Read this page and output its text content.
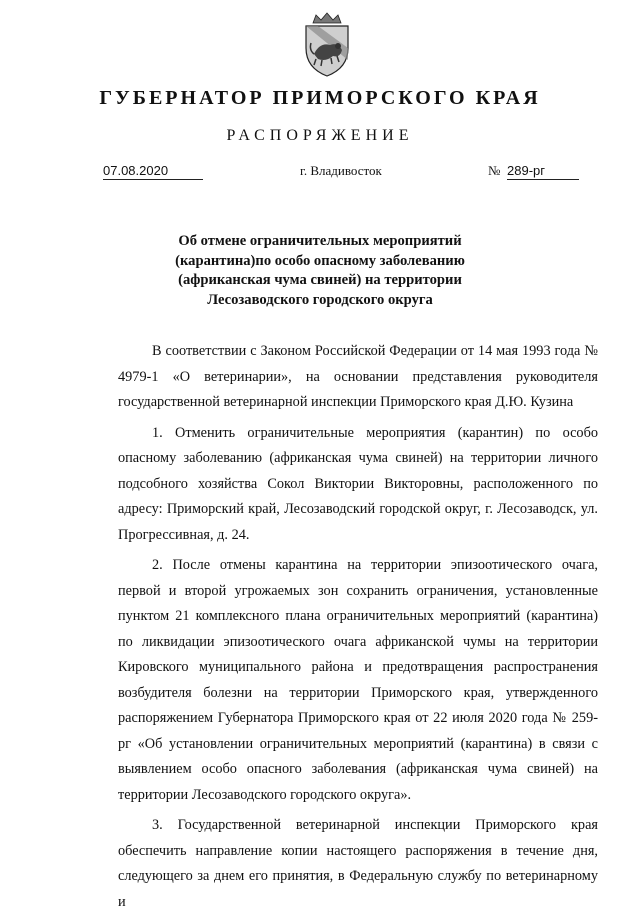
ГУБЕРНАТОР ПРИМОРСКОГО КРАЯ
РАСПОРЯЖЕНИЕ
07.08.2020	г. Владивосток	№ 289-рг
Об отмене ограничительных мероприятий (карантина)по особо опасному заболеванию (африканская чума свиней) на территории Лесозаводского городского округа

В соответствии с Законом Российской Федерации от 14 мая 1993 года № 4979-1 «О ветеринарии», на основании представления руководителя государственной ветеринарной инспекции Приморского края Д.Ю. Кузина

1. Отменить ограничительные мероприятия (карантин) по особо опасному заболеванию (африканская чума свиней) на территории личного подсобного хозяйства Сокол Виктории Викторовны, расположенного по адресу: Приморский край, Лесозаводский городской округ, г. Лесозаводск, ул. Прогрессивная, д. 24.

2. После отмены карантина на территории эпизоотического очага, первой и второй угрожаемых зон сохранить ограничения, установленные пунктом 21 комплексного плана ограничительных мероприятий (карантина) по ликвидации эпизоотического очага африканской чумы на территории Кировского муниципального района и предотвращения распространения возбудителя болезни на территории Приморского края, утвержденного распоряжением Губернатора Приморского края от 22 июля 2020 года № 259-рг «Об установлении ограничительных мероприятий (карантина) в связи с выявлением особо опасного заболевания (африканская чума свиней) на территории Лесозаводского городского округа».

3. Государственной ветеринарной инспекции Приморского края обеспечить направление копии настоящего распоряжения в течение дня, следующего за днем его принятия, в Федеральную службу по ветеринарному и
